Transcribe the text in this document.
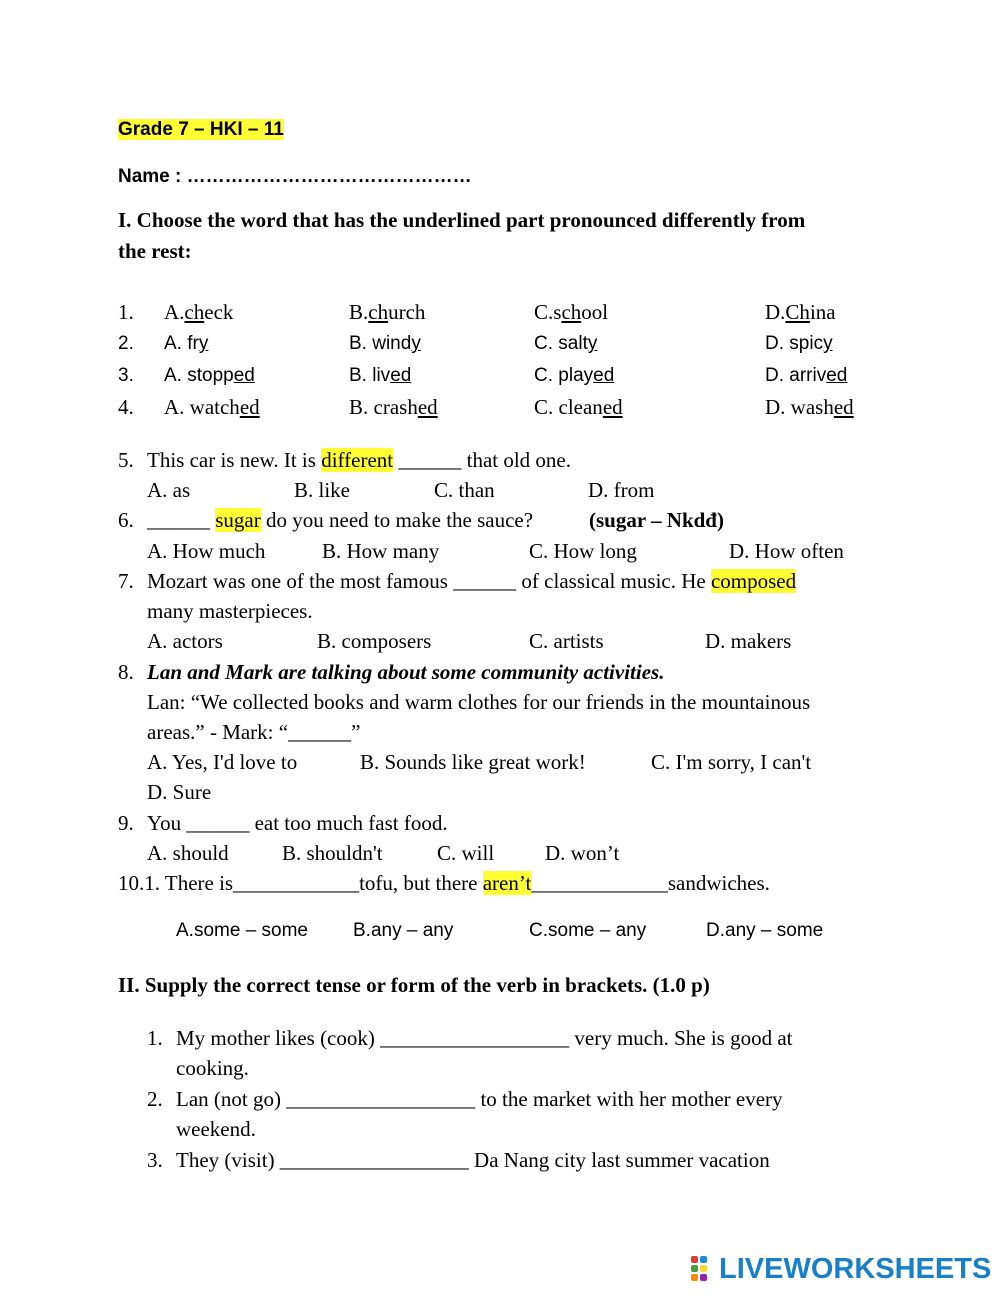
Grade 7 – HKI – 11
Name : ………………………………………
I. Choose the word that has the underlined part pronounced differently from
the rest:
1. A.check	B.church	C.school	D.China
2. A. fry	B. windy	C. salty	D. spicy
3. A. stopped	B. lived	C. played	D. arrived
4. A. watched	B. crashed	C. cleaned	D. washed
5. This car is new. It is different ______ that old one.
A. as	B. like	C. than	D. from
6. ______ sugar do you need to make the sauce?	(sugar – Nkdđ)
A. How much	B. How many	C. How long	D. How often
7. Mozart was one of the most famous ______ of classical music. He composed
many masterpieces.
A. actors	B. composers	C. artists	D. makers
8. Lan and Mark are talking about some community activities.
Lan: “We collected books and warm clothes for our friends in the mountainous
areas.” - Mark: “______”
A. Yes, I'd love to	B. Sounds like great work!	C. I'm sorry, I can't
D. Sure
9. You ______ eat too much fast food.
A. should	B. shouldn't	C. will D. won’t
10.1. There is____________tofu, but there aren’t_____________sandwiches.
A.some – some B.any – any	C.some – any	D.any – some
II. Supply the correct tense or form of the verb in brackets. (1.0 p)
1. My mother likes (cook) __________________ very much. She is good at
cooking.
2. Lan (not go) __________________ to the market with her mother every
weekend.
3. They (visit) __________________ Da Nang city last summer vacation
LIVEWORKSHEETS
